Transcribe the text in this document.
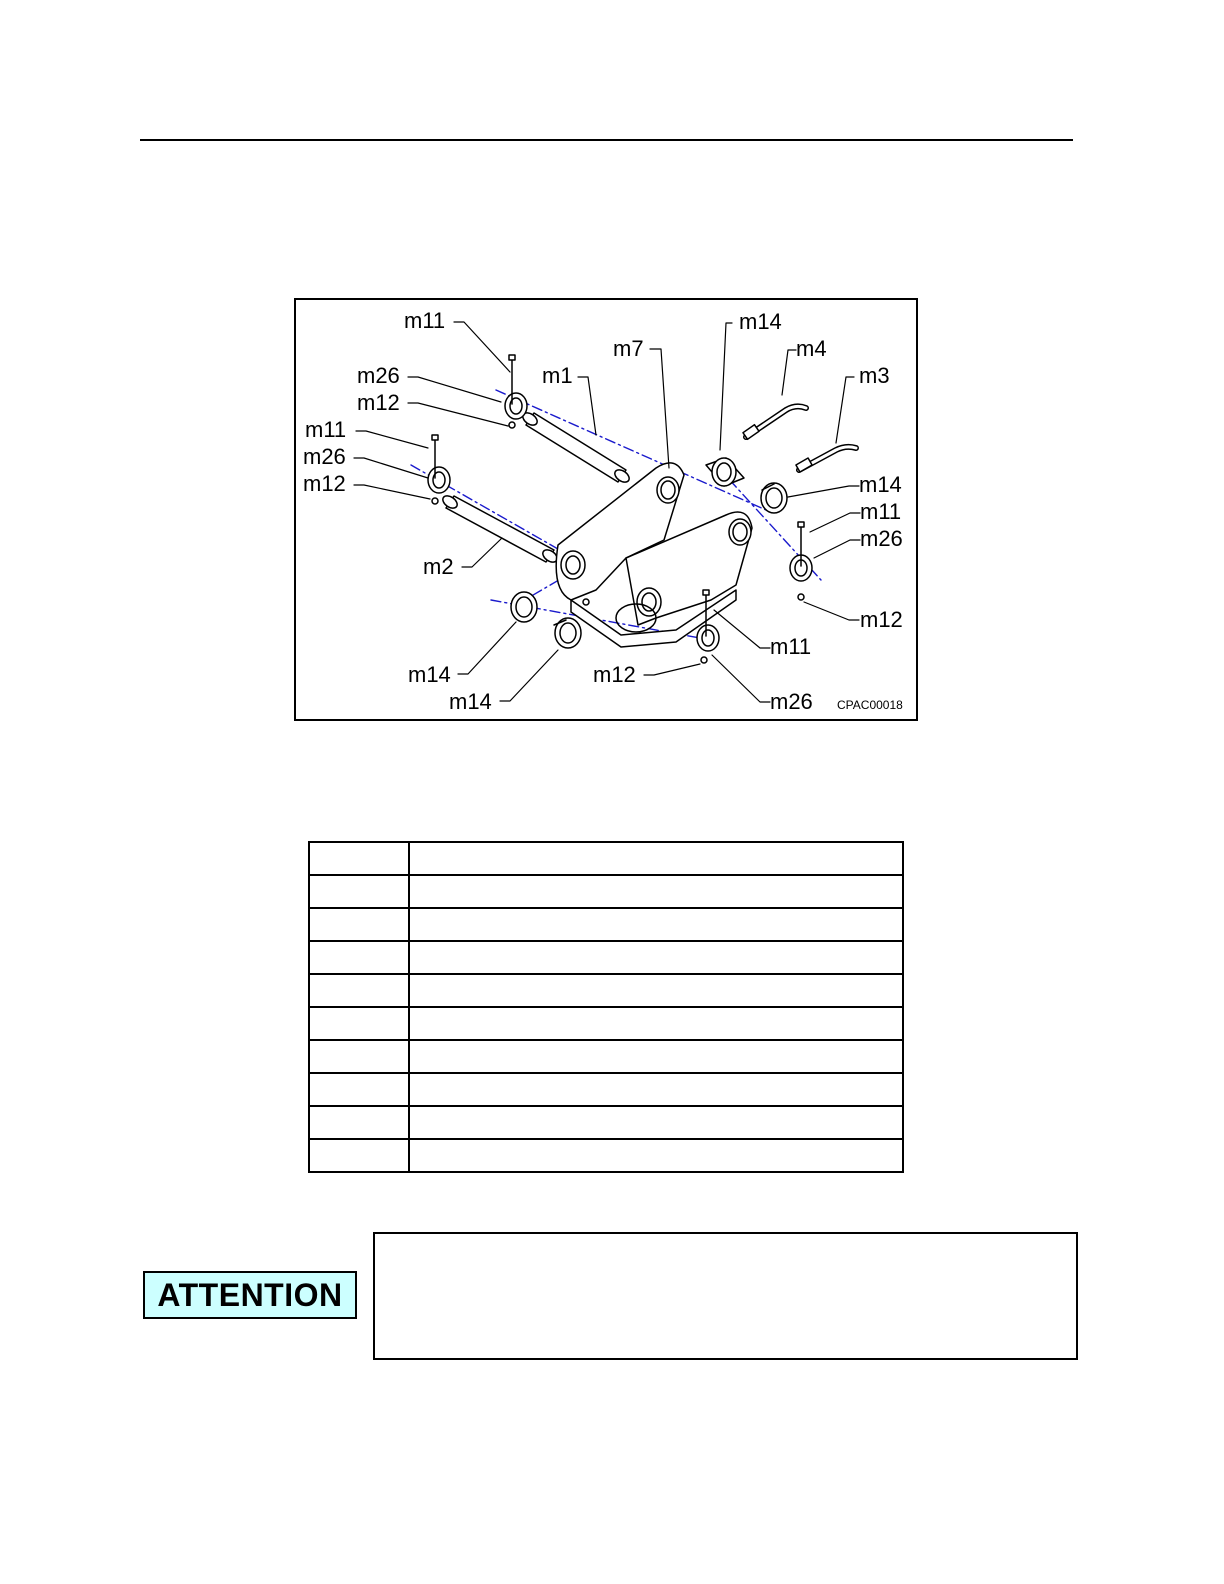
m11
m26
m12
m11
m26
m12
m1
m7
m14
m4
m3
m14
m11
m26
m12
m2
m11
m14	m12
m14	m26 CPAC00018

ATTENTION
